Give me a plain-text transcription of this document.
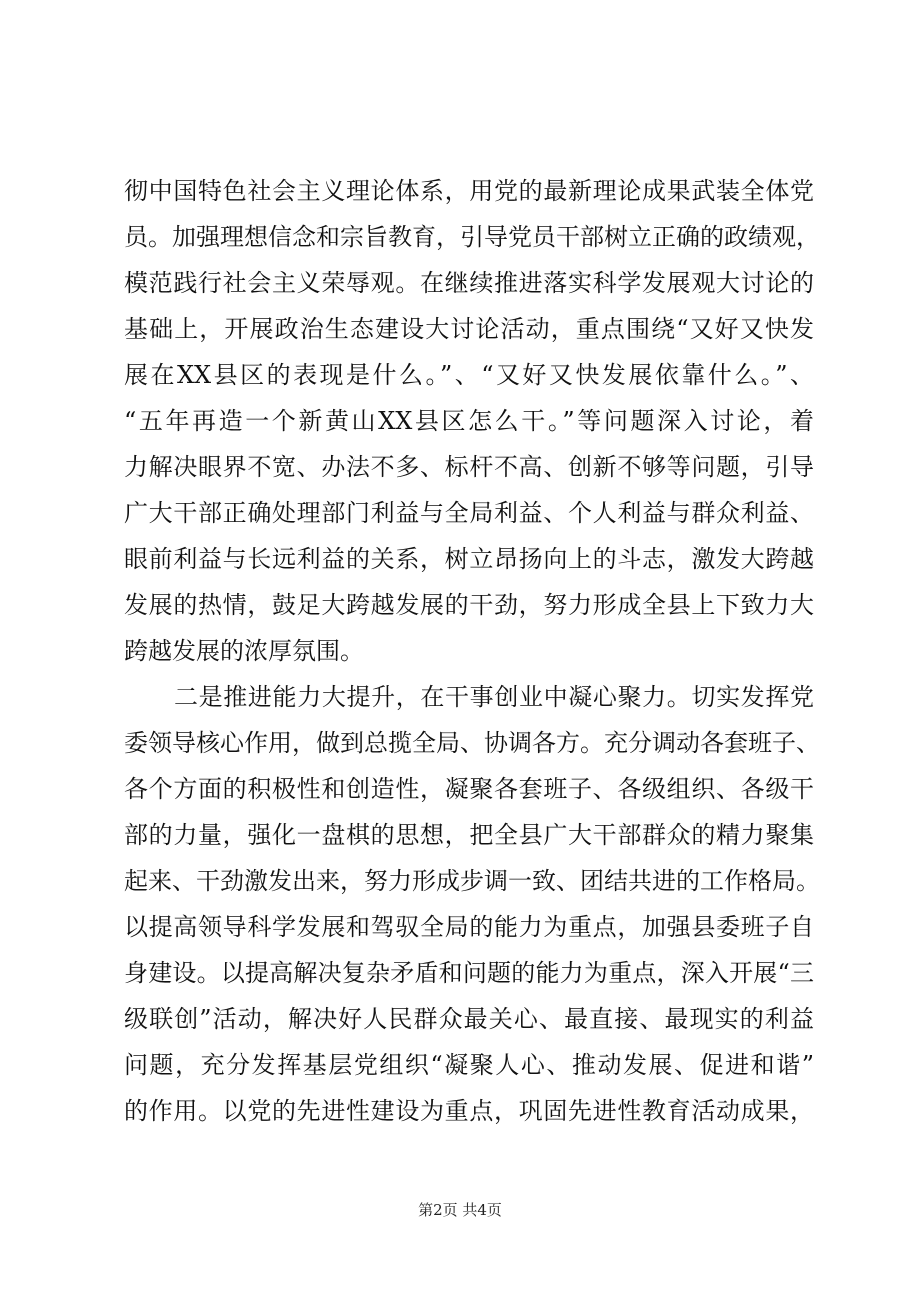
彻中国特色社会主义理论体系，用党的最新理论成果武装全体党
员。加强理想信念和宗旨教育，引导党员干部树立正确的政绩观，
模范践行社会主义荣辱观。在继续推进落实科学发展观大讨论的
基础上，开展政治生态建设大讨论活动，重点围绕“又好又快发
展在XX县区的表现是什么。”、“又好又快发展依靠什么。”、
“五年再造一个新黄山XX县区怎么干。”等问题深入讨论，着
力解决眼界不宽、办法不多、标杆不高、创新不够等问题，引导
广大干部正确处理部门利益与全局利益、个人利益与群众利益、
眼前利益与长远利益的关系，树立昂扬向上的斗志，激发大跨越
发展的热情，鼓足大跨越发展的干劲，努力形成全县上下致力大
跨越发展的浓厚氛围。
二是推进能力大提升，在干事创业中凝心聚力。切实发挥党
委领导核心作用，做到总揽全局、协调各方。充分调动各套班子、
各个方面的积极性和创造性，凝聚各套班子、各级组织、各级干
部的力量，强化一盘棋的思想，把全县广大干部群众的精力聚集
起来、干劲激发出来，努力形成步调一致、团结共进的工作格局。
以提高领导科学发展和驾驭全局的能力为重点，加强县委班子自
身建设。以提高解决复杂矛盾和问题的能力为重点，深入开展“三
级联创”活动，解决好人民群众最关心、最直接、最现实的利益
问题，充分发挥基层党组织“凝聚人心、推动发展、促进和谐”
的作用。以党的先进性建设为重点，巩固先进性教育活动成果，
第2页 共4页
